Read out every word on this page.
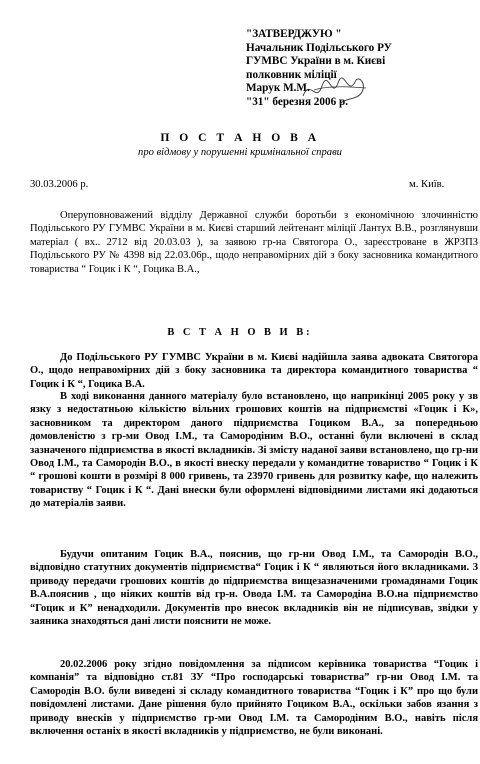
"ЗАТВЕРДЖУЮ "
Начальник Подільського РУ
ГУМВС України в м. Києві
полковник міліції
Марук М.М.
"31" березня 2006 р.
П О С Т А Н О В А
про відмову у порушенні кримінальної справи
30.03.2006 р.	м. Київ.
Оперуповноважений відділу Державної служби боротьби з економічною злочинністю Подільського РУ ГУМВС України в м. Києві старший лейтенант міліції Лантух В.В., розглянувши матеріал ( вх.. 2712 від 20.03.03 ), за заявою гр-на Святогора О., зареєстроване в ЖРЗПЗ Подільського РУ № 4398 від 22.03.06р., щодо неправомірних дій з боку засновника командитного товариства “ Гоцик і К “, Гоцика В.А.,
В С Т А Н О В И В:
До Подільського РУ ГУМВС України в м. Києві надійшла заява адвоката Святогора О., щодо неправомірних дій з боку засновника та директора командитного товариства “ Гоцик і К “, Гоцика В.А.
В ході виконання данного матеріалу було встановлено, що наприкінці 2005 року у зв язку з недостатньою кількістю вільних грошових коштів на підприємстві «Гоцик і К», засновником та директором даного підприємства Гоциком В.А., за попередньою домовленістю з гр-ми Овод І.М., та Самородіним В.О., останні були включені в склад зазначеного підприємства в якості вкладників. Зі змісту наданої заяви встановлено, що гр-ни Овод І.М., та Самородін В.О., в якості внеску передали у командитне товариство “ Гоцик і К “ грошові кошти в розмірі 8 000 гривень, та 23970 гривень для розвитку кафе, що належить товариству “ Гоцик і К “. Дані внески були оформлені відповідними листами які додаються до матеріалів заяви.
Будучи опитаним Гоцик В.А., пояснив, що гр-ни Овод І.М., та Самородін В.О., відповідно статутних документів підприємства“ Гоцик і К “ являються його вкладниками. З приводу передачи грошових коштів до підприємства вищезазначеними громадянами Гоцик В.А.пояснив , що ніяких коштів від гр-н. Овода І.М. та Самородіна В.О.на підприємство “Гоцик и К” ненадходили. Документів про внесок вкладників він не підписував, звідки у заяника знаходяться дані листи пояснити не може.
20.02.2006 року згідно повідомлення за підписом керівника товариства “Гоцик і компанія” та відповідно ст.81 ЗУ “Про господарські товариства” гр-ни Овод І.М. та Самородін В.О. були виведені зі складу командитного товариства “Гоцик і К” про що були повідомлені листами. Дане рішення було прийнято Гоциком В.А., оскільки забов язання з приводу внесків у підприємство гр-ми Овод І.М. та Самородіним В.О., навіть після включення останіх в якості вкладників у підприємство, не були виконані.
